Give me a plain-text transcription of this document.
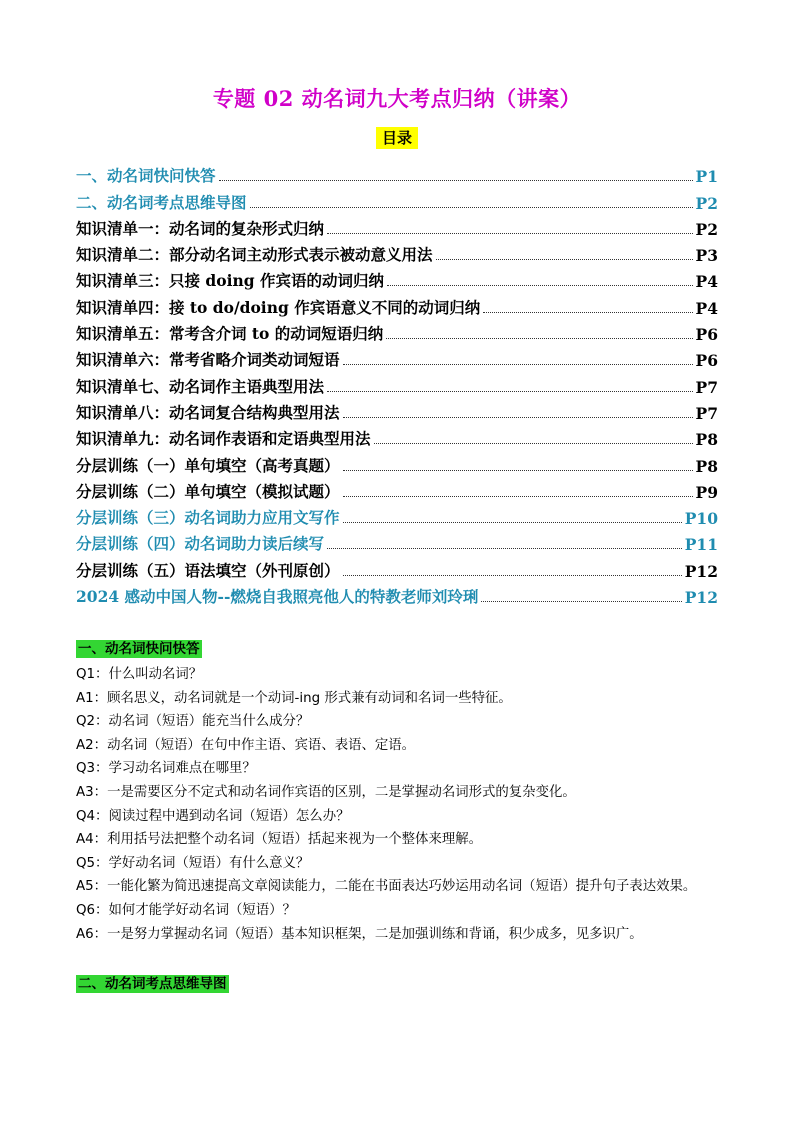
专题 02 动名词九大考点归纳（讲案）
目录
一、动名词快问快答	P1
二、动名词考点思维导图	P2
知识清单一：动名词的复杂形式归纳	P2
知识清单二：部分动名词主动形式表示被动意义用法	P3
知识清单三：只接 doing 作宾语的动词归纳	P4
知识清单四：接 to do/doing 作宾语意义不同的动词归纳	P4
知识清单五：常考含介词 to 的动词短语归纳	P6
知识清单六：常考省略介词类动词短语	P6
知识清单七、动名词作主语典型用法	P7
知识清单八：动名词复合结构典型用法	P7
知识清单九：动名词作表语和定语典型用法	P8
分层训练（一）单句填空（高考真题）	P8
分层训练（二）单句填空（模拟试题）	P9
分层训练（三）动名词助力应用文写作	P10
分层训练（四）动名词助力读后续写	P11
分层训练（五）语法填空（外刊原创）	P12
2024 感动中国人物--燃烧自我照亮他人的特教老师刘玲琍	P12
一、动名词快问快答
Q1：什么叫动名词？
A1：顾名思义，动名词就是一个动词-ing 形式兼有动词和名词一些特征。
Q2：动名词（短语）能充当什么成分？
A2：动名词（短语）在句中作主语、宾语、表语、定语。
Q3：学习动名词难点在哪里？
A3：一是需要区分不定式和动名词作宾语的区别，二是掌握动名词形式的复杂变化。
Q4：阅读过程中遇到动名词（短语）怎么办？
A4：利用括号法把整个动名词（短语）括起来视为一个整体来理解。
Q5：学好动名词（短语）有什么意义？
A5：一能化繁为简迅速提高文章阅读能力，二能在书面表达巧妙运用动名词（短语）提升句子表达效果。
Q6：如何才能学好动名词（短语）？
A6：一是努力掌握动名词（短语）基本知识框架，二是加强训练和背诵，积少成多，见多识广。
二、动名词考点思维导图
